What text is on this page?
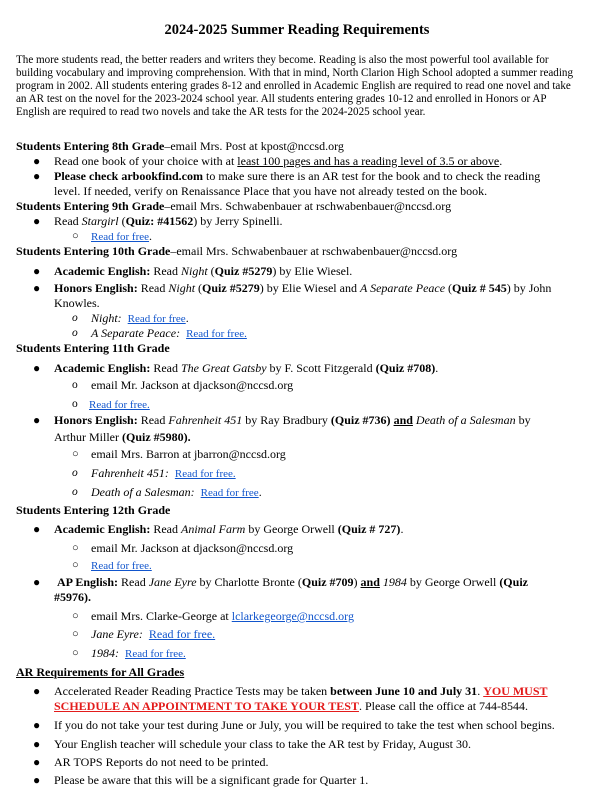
2024-2025 Summer Reading Requirements
The more students read, the better readers and writers they become. Reading is also the most powerful tool available for building vocabulary and improving comprehension. With that in mind, North Clarion High School adopted a summer reading program in 2002. All students entering grades 8-12 and enrolled in Academic English are required to read one novel and take an AR test on the novel for the 2023-2024 school year. All students entering grades 10-12 and enrolled in Honors or AP English are required to read two novels and take the AR tests for the 2024-2025 school year.
Students Entering 8th Grade–email Mrs. Post at kpost@nccsd.org
● Read one book of your choice with at least 100 pages and has a reading level of 3.5 or above.
● Please check arbookfind.com to make sure there is an AR test for the book and to check the reading
level. If needed, verify on Renaissance Place that you have not already tested on the book.
Students Entering 9th Grade–email Mrs. Schwabenbauer at rschwabenbauer@nccsd.org
● Read Stargirl (Quiz: #41562) by Jerry Spinelli.
○ Read for free.
Students Entering 10th Grade–email Mrs. Schwabenbauer at rschwabenbauer@nccsd.org
● Academic English: Read Night (Quiz #5279) by Elie Wiesel.
● Honors English: Read Night (Quiz #5279) by Elie Wiesel and A Separate Peace (Quiz # 545) by John
Knowles.
o Night: Read for free.
o A Separate Peace: Read for free.
Students Entering 11th Grade
● Academic English: Read The Great Gatsby by F. Scott Fitzgerald (Quiz #708).
o email Mr. Jackson at djackson@nccsd.org
o Read for free.
● Honors English: Read Fahrenheit 451 by Ray Bradbury (Quiz #736) and Death of a Salesman by
Arthur Miller (Quiz #5980).
○ email Mrs. Barron at jbarron@nccsd.org
o Fahrenheit 451: Read for free.
o Death of a Salesman: Read for free.
Students Entering 12th Grade
● Academic English: Read Animal Farm by George Orwell (Quiz # 727).
○ email Mr. Jackson at djackson@nccsd.org
○ Read for free.
● AP English: Read Jane Eyre by Charlotte Bronte (Quiz #709) and 1984 by George Orwell (Quiz
#5976).
○ email Mrs. Clarke-George at lclarkegeorge@nccsd.org
○ Jane Eyre: Read for free.
○ 1984: Read for free.
AR Requirements for All Grades
● Accelerated Reader Reading Practice Tests may be taken between June 10 and July 31. YOU MUST
SCHEDULE AN APPOINTMENT TO TAKE YOUR TEST. Please call the office at 744-8544.
● If you do not take your test during June or July, you will be required to take the test when school begins.
● Your English teacher will schedule your class to take the AR test by Friday, August 30.
● AR TOPS Reports do not need to be printed.
● Please be aware that this will be a significant grade for Quarter 1.
